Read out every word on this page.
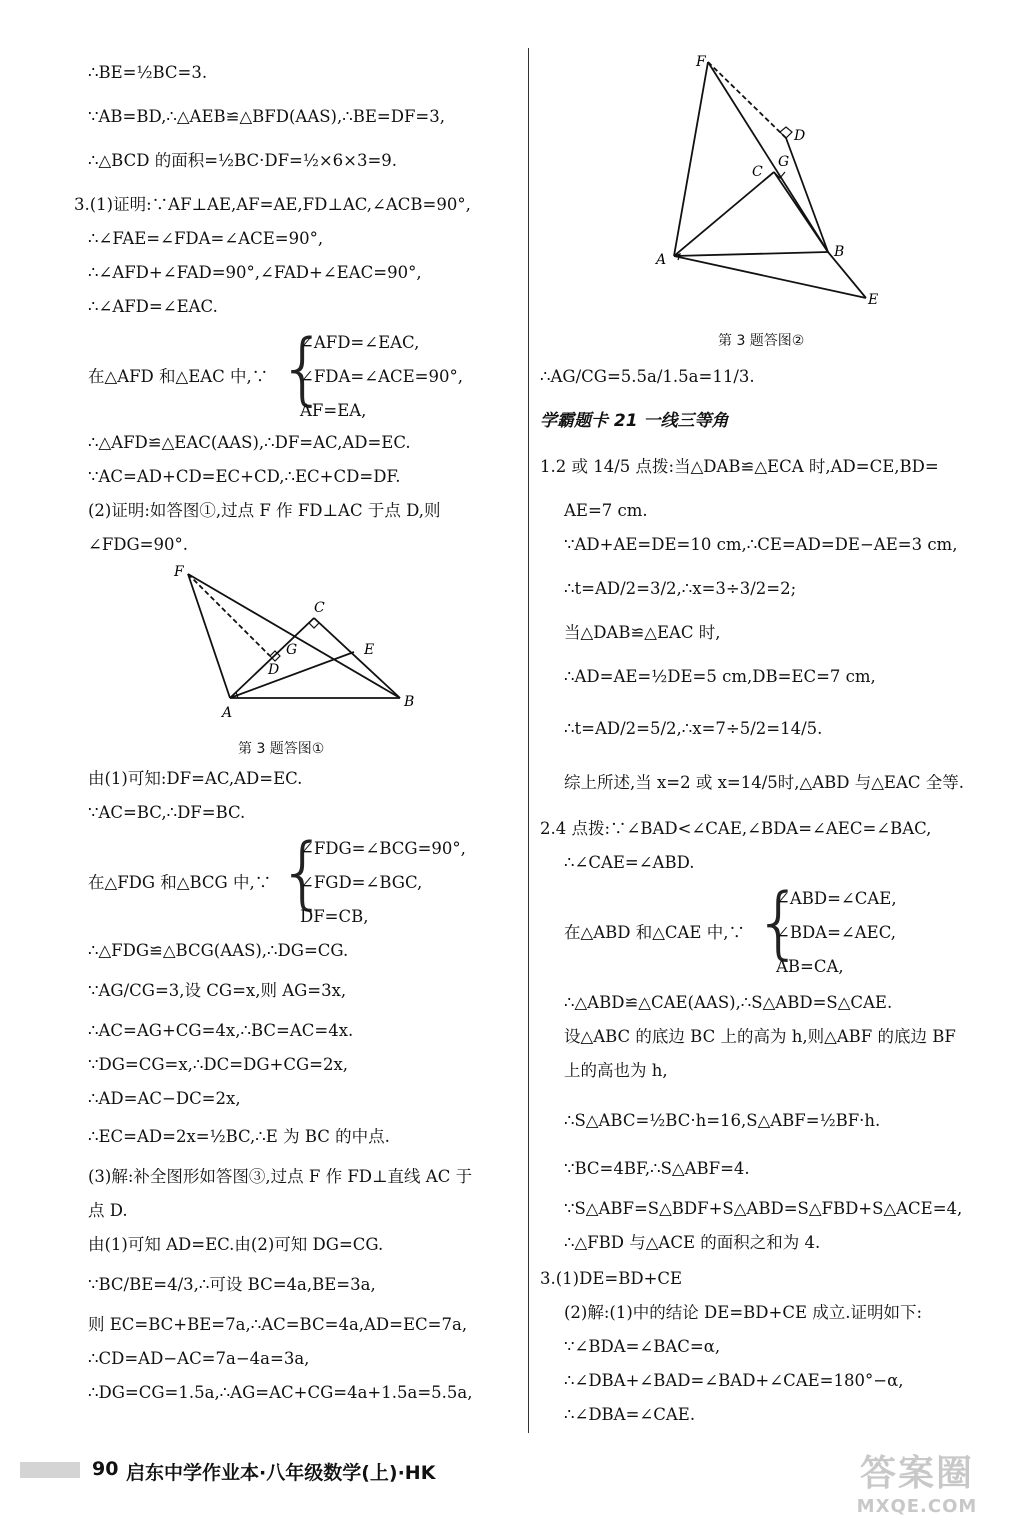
∴BE=½BC=3.
∵AB=BD,∴△AEB≌△BFD(AAS),∴BE=DF=3,
∴△BCD 的面积=½BC·DF=½×6×3=9.
3.(1)证明:∵AF⊥AE,AF=AE,FD⊥AC,∠ACB=90°,
∴∠FAE=∠FDA=∠ACE=90°,
∴∠AFD+∠FAD=90°,∠FAD+∠EAC=90°,
∴∠AFD=∠EAC.
在△AFD 和△EAC 中,∵ {
∠AFD=∠EAC,
∠FDA=∠ACE=90°,
AF=EA,
∴△AFD≌△EAC(AAS),∴DF=AC,AD=EC.
∵AC=AD+CD=EC+CD,∴EC+CD=DF.
(2)证明:如答图①,过点 F 作 FD⊥AC 于点 D,则
∠FDG=90°.
F
C
G	E
D
A
B
第 3 题答图①
由(1)可知:DF=AC,AD=EC.
∵AC=BC,∴DF=BC.
在△FDG 和△BCG 中,∵ {
∠FDG=∠BCG=90°,
∠FGD=∠BGC,
DF=CB,
∴△FDG≌△BCG(AAS),∴DG=CG.
∵AG/CG=3,设 CG=x,则 AG=3x,
∴AC=AG+CG=4x,∴BC=AC=4x.
∵DG=CG=x,∴DC=DG+CG=2x,
∴AD=AC−DC=2x,
∴EC=AD=2x=½BC,∴E 为 BC 的中点.
(3)解:补全图形如答图③,过点 F 作 FD⊥直线 AC 于
点 D.
由(1)可知 AD=EC.由(2)可知 DG=CG.
∵BC/BE=4/3,∴可设 BC=4a,BE=3a,
则 EC=BC+BE=7a,∴AC=BC=4a,AD=EC=7a,
∴CD=AD−AC=7a−4a=3a,
∴DG=CG=1.5a,∴AG=AC+CG=4a+1.5a=5.5a,
F
D
G
C
A	B
E
第 3 题答图②
∴AG/CG=5.5a/1.5a=11/3.
学霸题卡 21 一线三等角
1.2 或 14/5 点拨:当△DAB≌△ECA 时,AD=CE,BD=
AE=7 cm.
∵AD+AE=DE=10 cm,∴CE=AD=DE−AE=3 cm,
∴t=AD/2=3/2,∴x=3÷3/2=2;
当△DAB≌△EAC 时,
∴AD=AE=½DE=5 cm,DB=EC=7 cm,
∴t=AD/2=5/2,∴x=7÷5/2=14/5.
综上所述,当 x=2 或 x=14/5时,△ABD 与△EAC 全等.
2.4 点拨:∵∠BAD<∠CAE,∠BDA=∠AEC=∠BAC,
∴∠CAE=∠ABD.
在△ABD 和△CAE 中,∵ {
∠ABD=∠CAE,
∠BDA=∠AEC,
AB=CA,
∴△ABD≌△CAE(AAS),∴S△ABD=S△CAE.
设△ABC 的底边 BC 上的高为 h,则△ABF 的底边 BF
上的高也为 h,
∴S△ABC=½BC·h=16,S△ABF=½BF·h.
∵BC=4BF,∴S△ABF=4.
∵S△ABF=S△BDF+S△ABD=S△FBD+S△ACE=4,
∴△FBD 与△ACE 的面积之和为 4.
3.(1)DE=BD+CE
(2)解:(1)中的结论 DE=BD+CE 成立.证明如下:
∵∠BDA=∠BAC=α,
∴∠DBA+∠BAD=∠BAD+∠CAE=180°−α,
∴∠DBA=∠CAE.
90 启东中学作业本·八年级数学(上)·HK	答案圈
MXQE.COM
